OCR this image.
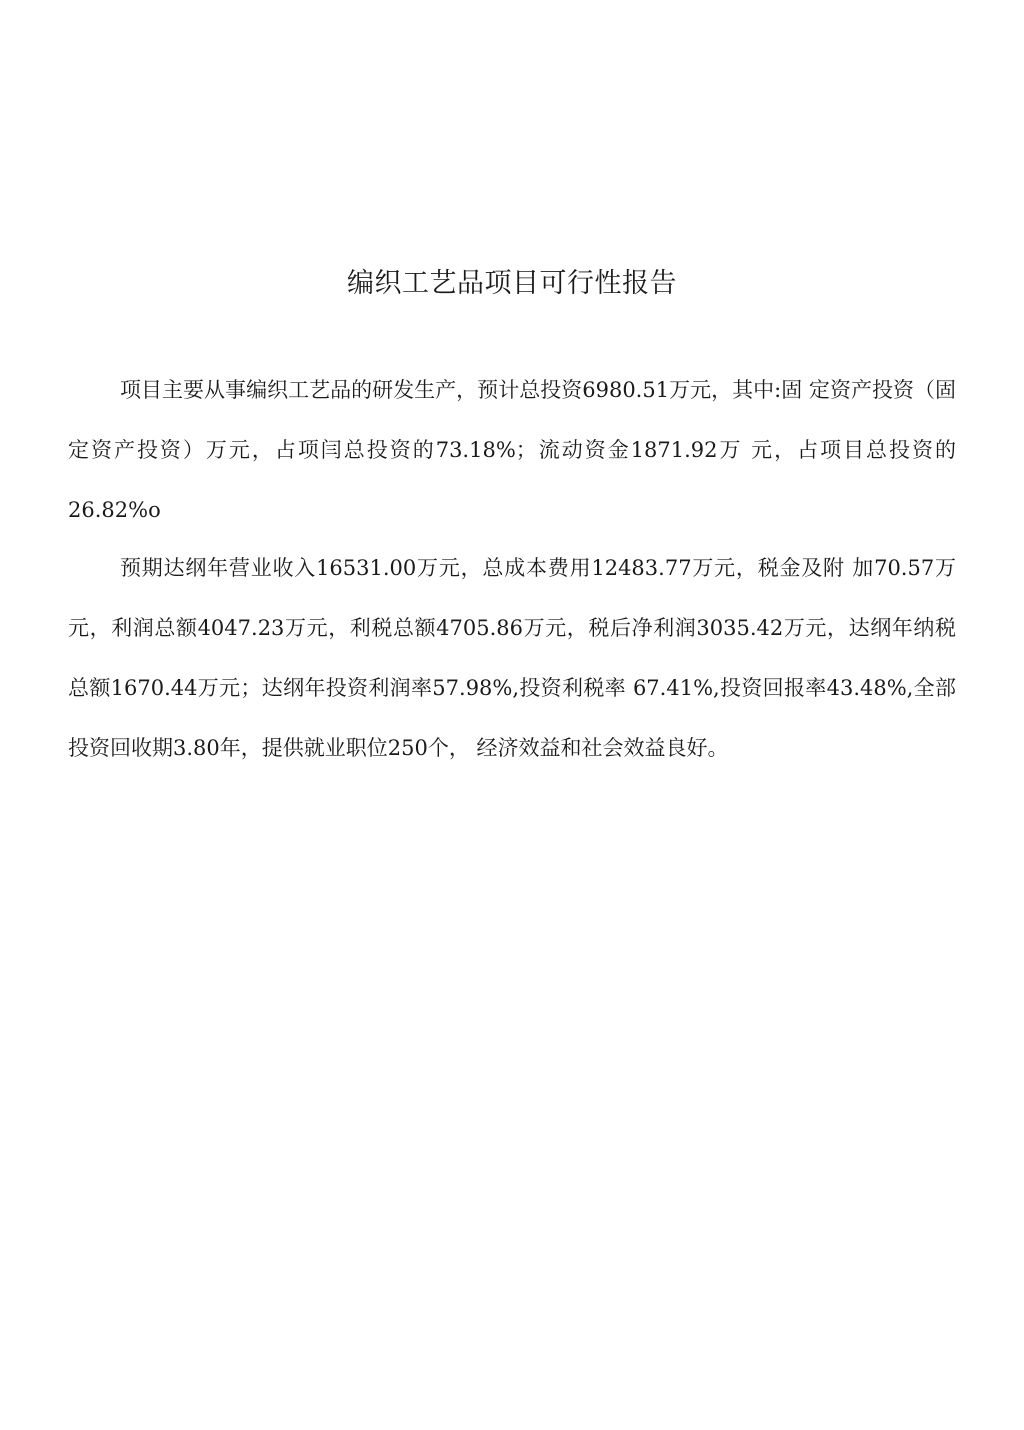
编织工艺品项目可行性报告

项目主要从事编织工艺品的研发生产，预计总投资6980.51万元，其中:固 定资产投资（固定资产投资）万元，占项闫总投资的73.18%；流动资金1871.92万 元，占项目总投资的26.82%o

预期达纲年营业收入16531.00万元，总成本费用12483.77万元，税金及附 加70.57万元，利润总额4047.23万元，利税总额4705.86万元，税后净利润3035.42万元，达纲年纳税总额1670.44万元；达纲年投资利润率57.98%,投资利税率 67.41%,投资回报率43.48%,全部投资回收期3.80年，提供就业职位250个， 经济效益和社会效益良好。
